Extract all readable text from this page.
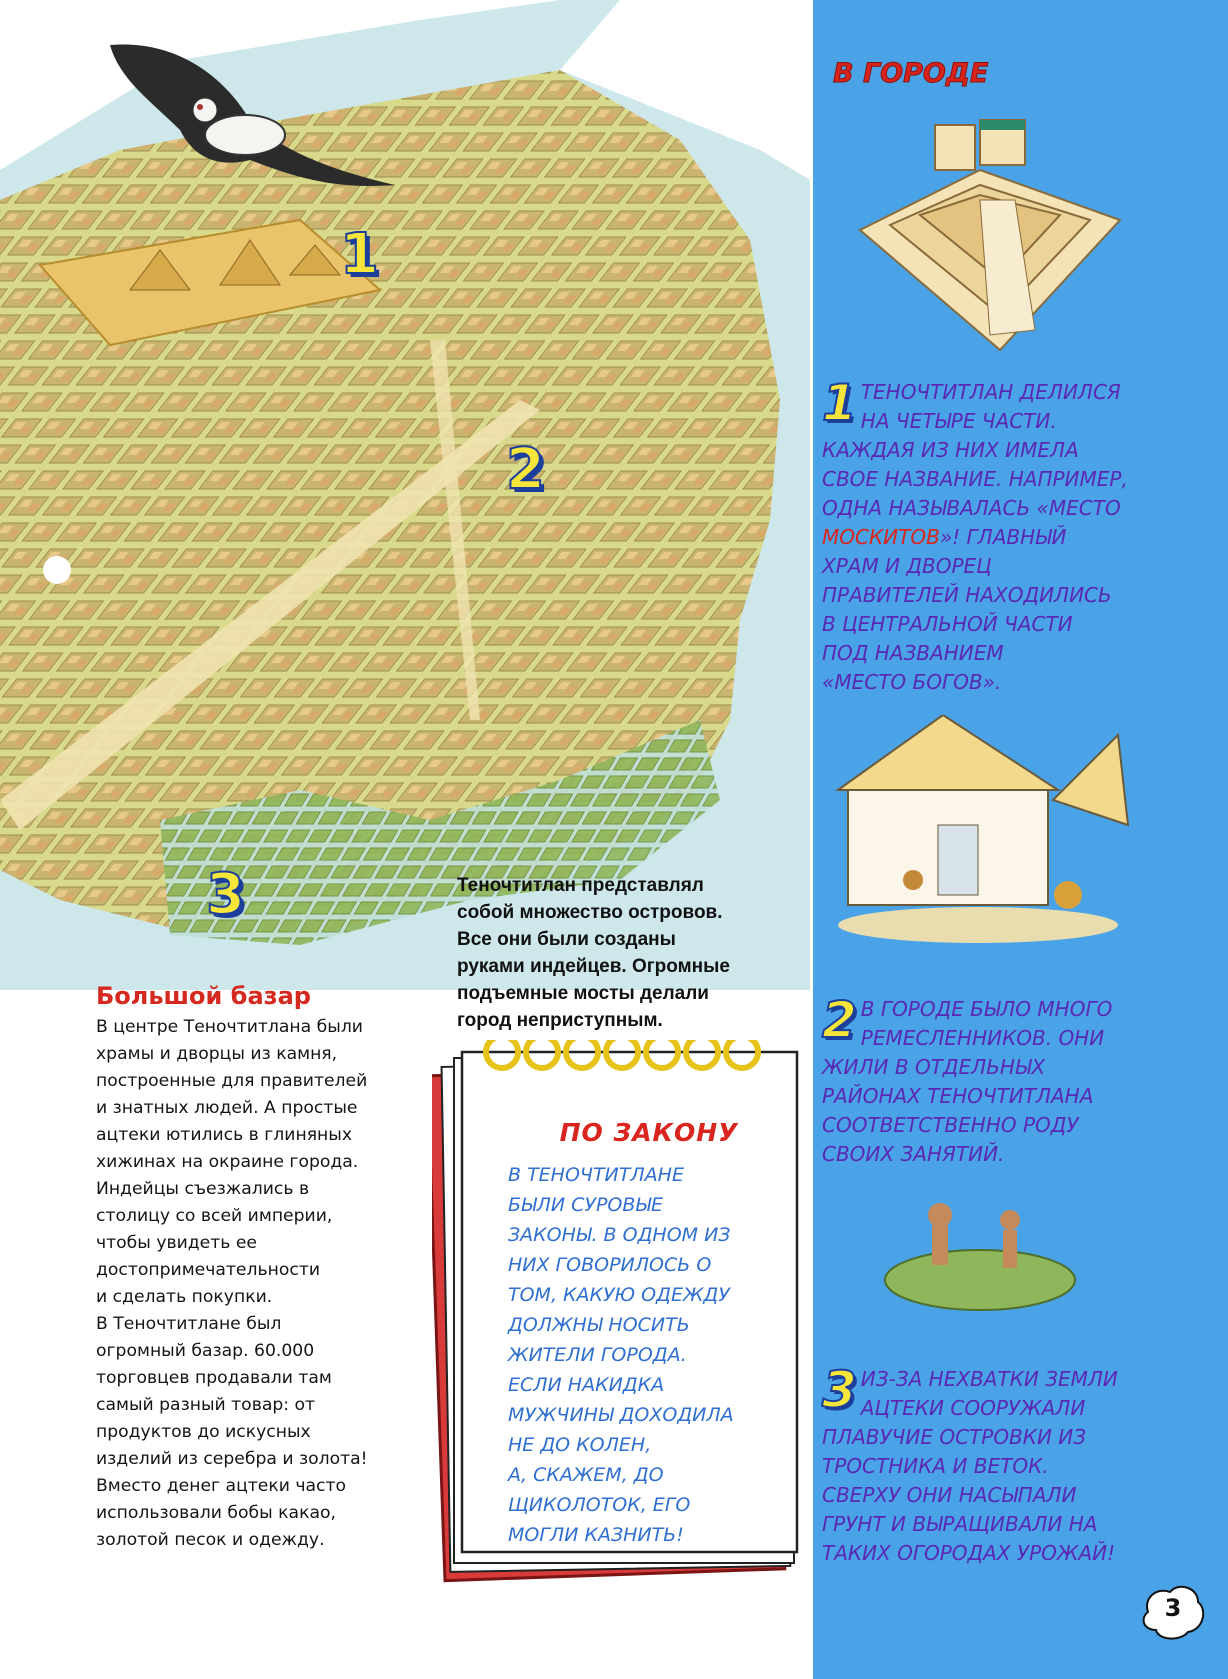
1
2
3	Теночтитлан представлял
собой множество островов.
Все они были созданы
руками индейцев. Огромные
подъемные мосты делали
город неприступным.
Большой базар

В центре Теночтитлана были

храмы и дворцы из камня,

построенные для правителей

и знатных людей. А простые

ацтеки ютились в глиняных

хижинах на окраине города.

Индейцы съезжались в

столицу со всей империи,

чтобы увидеть ее

достопримечательности

и сделать покупки.

В Теночтитлане был

огромный базар. 60.000

торговцев продавали там

самый разный товар: от

продуктов до искусных

изделий из серебра и золота!

Вместо денег ацтеки часто

использовали бобы какао,

золотой песок и одежду.

ПО ЗАКОНУ

В ТЕНОЧТИТЛАНЕ

БЫЛИ СУРОВЫЕ

ЗАКОНЫ. В ОДНОМ ИЗ

НИХ ГОВОРИЛОСЬ О

ТОМ, КАКУЮ ОДЕЖДУ

ДОЛЖНЫ НОСИТЬ

ЖИТЕЛИ ГОРОДА.

ЕСЛИ НАКИДКА

МУЖЧИНЫ ДОХОДИЛА

НЕ ДО КОЛЕН,

А, СКАЖЕМ, ДО

ЩИКОЛОТОК, ЕГО

МОГЛИ КАЗНИТЬ!

В ГОРОДЕ
1 ТЕНОЧТИТЛАН ДЕЛИЛСЯ

НА ЧЕТЫРЕ ЧАСТИ.

КАЖДАЯ ИЗ НИХ ИМЕЛА

СВОЕ НАЗВАНИЕ. НАПРИМЕР,

ОДНА НАЗЫВАЛАСЬ «МЕСТО

МОСКИТОВ»! ГЛАВНЫЙ

ХРАМ И ДВОРЕЦ

ПРАВИТЕЛЕЙ НАХОДИЛИСЬ

В ЦЕНТРАЛЬНОЙ ЧАСТИ

ПОД НАЗВАНИЕМ

«МЕСТО БОГОВ».

2 В ГОРОДЕ БЫЛО МНОГО

РЕМЕСЛЕННИКОВ. ОНИ

ЖИЛИ В ОТДЕЛЬНЫХ

РАЙОНАХ ТЕНОЧТИТЛАНА

СООТВЕТСТВЕННО РОДУ

СВОИХ ЗАНЯТИЙ.

3 ИЗ-ЗА НЕХВАТКИ ЗЕМЛИ

АЦТЕКИ СООРУЖАЛИ

ПЛАВУЧИЕ ОСТРОВКИ ИЗ

ТРОСТНИКА И ВЕТОК.

СВЕРХУ ОНИ НАСЫПАЛИ

ГРУНТ И ВЫРАЩИВАЛИ НА

ТАКИХ ОГОРОДАХ УРОЖАЙ!

3
